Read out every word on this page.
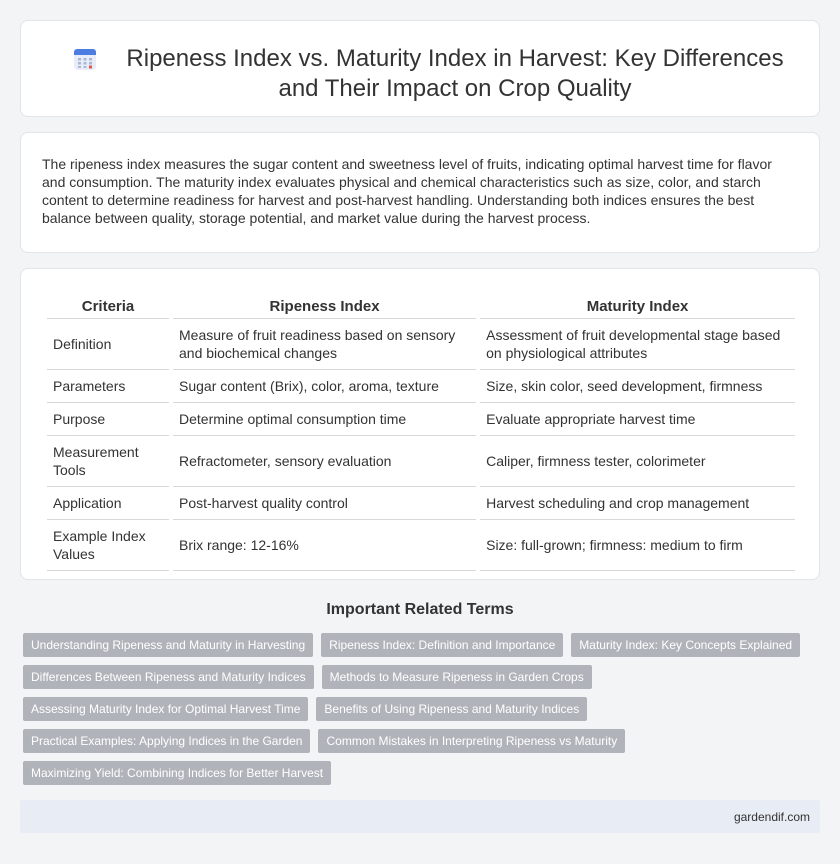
Ripeness Index vs. Maturity Index in Harvest: Key Differences and Their Impact on Crop Quality

The ripeness index measures the sugar content and sweetness level of fruits, indicating optimal harvest time for flavor and consumption. The maturity index evaluates physical and chemical characteristics such as size, color, and starch content to determine readiness for harvest and post-harvest handling. Understanding both indices ensures the best balance between quality, storage potential, and market value during the harvest process.

Criteria	Ripeness Index	Maturity Index
Definition	Measure of fruit readiness based on sensory and biochemical changes	Assessment of fruit developmental stage based on physiological attributes
Parameters	Sugar content (Brix), color, aroma, texture	Size, skin color, seed development, firmness
Purpose	Determine optimal consumption time	Evaluate appropriate harvest time
Measurement Tools	Refractometer, sensory evaluation	Caliper, firmness tester, colorimeter
Application	Post-harvest quality control	Harvest scheduling and crop management
Example Index Values	Brix range: 12-16%	Size: full-grown; firmness: medium to firm
Important Related Terms
Understanding Ripeness and Maturity in Harvesting	Ripeness Index: Definition and Importance	Maturity Index: Key Concepts Explained
Differences Between Ripeness and Maturity Indices	Methods to Measure Ripeness in Garden Crops
Assessing Maturity Index for Optimal Harvest Time	Benefits of Using Ripeness and Maturity Indices
Practical Examples: Applying Indices in the Garden	Common Mistakes in Interpreting Ripeness vs Maturity
Maximizing Yield: Combining Indices for Better Harvest
gardendif.com
